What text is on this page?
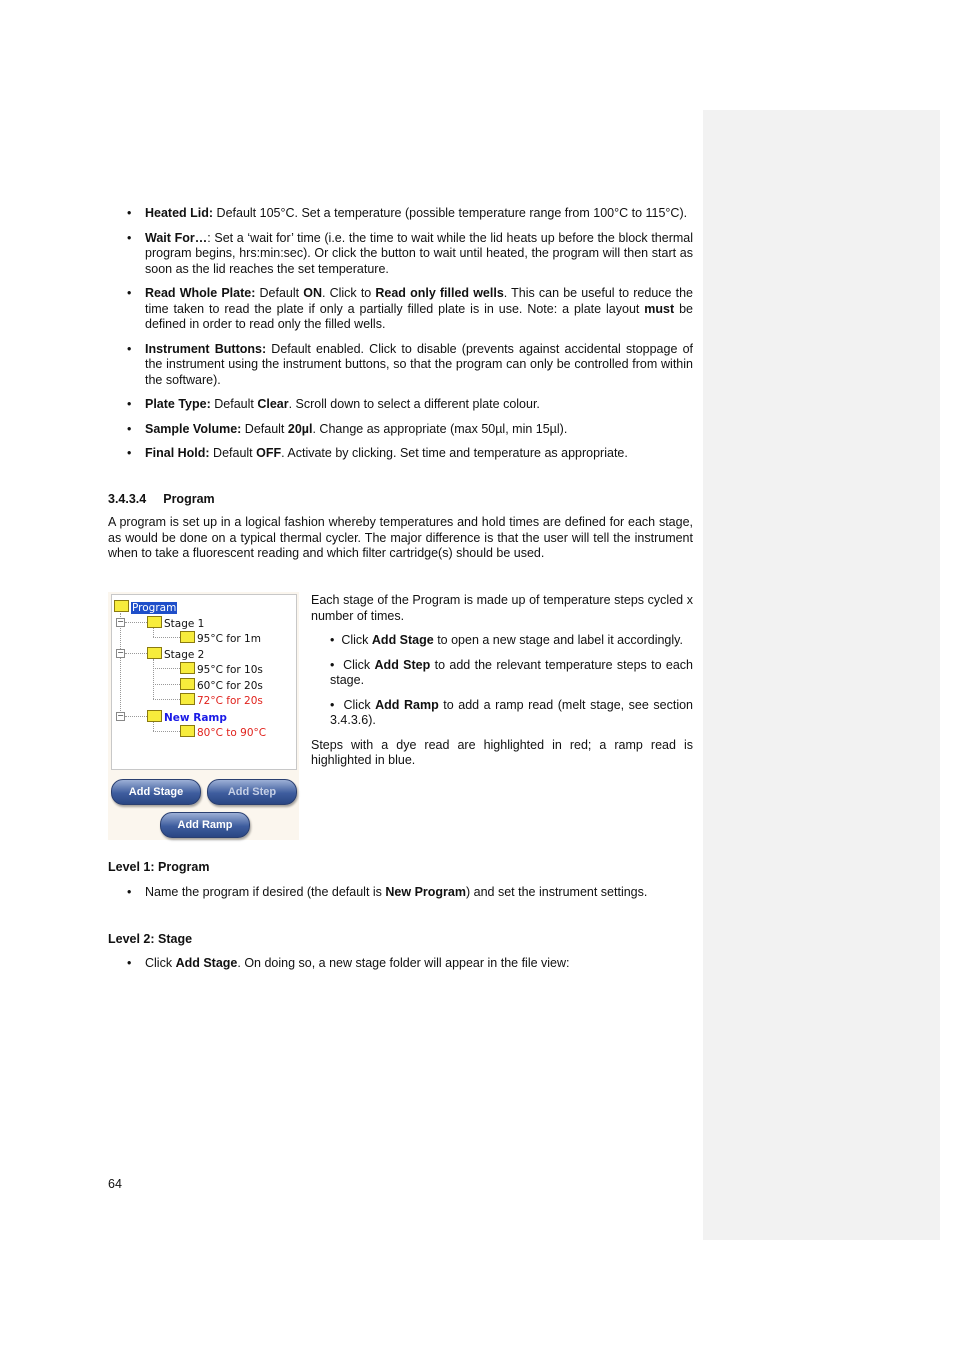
• Heated Lid: Default 105°C. Set a temperature (possible temperature range from 100°C to 115°C).
• Wait For…: Set a ‘wait for’ time (i.e. the time to wait while the lid heats up before the block thermal program begins, hrs:min:sec). Or click the button to wait until heated, the program will then start as soon as the lid reaches the set temperature.
• Read Whole Plate: Default ON. Click to Read only filled wells. This can be useful to reduce the time taken to read the plate if only a partially filled plate is in use. Note: a plate layout must be defined in order to read only the filled wells.
• Instrument Buttons: Default enabled. Click to disable (prevents against accidental stoppage of the instrument using the instrument buttons, so that the program can only be controlled from within the software).
• Plate Type: Default Clear. Scroll down to select a different plate colour.
• Sample Volume: Default 20µl. Change as appropriate (max 50µl, min 15µl).
• Final Hold: Default OFF. Activate by clicking. Set time and temperature as appropriate.
3.4.3.4 Program
A program is set up in a logical fashion whereby temperatures and hold times are defined for each stage, as would be done on a typical thermal cycler. The major difference is that the user will tell the instrument when to take a fluorescent reading and which filter cartridge(s) should be used.
Program
−	Stage 1
95°C for 1m
−	Stage 2
95°C for 10s
60°C for 20s
72°C for 20s
−	New Ramp
80°C to 90°C
Add Stage	Add Step
Add Ramp

Each stage of the Program is made up of temperature steps cycled x number of times.

• Click Add Stage to open a new stage and label it accordingly.
• Click Add Step to add the relevant temperature steps to each stage.
• Click Add Ramp to add a ramp read (melt stage, see section 3.4.3.6).

Steps with a dye read are highlighted in red; a ramp read is highlighted in blue.

Level 1: Program
• Name the program if desired (the default is New Program) and set the instrument settings.
Level 2: Stage
• Click Add Stage. On doing so, a new stage folder will appear in the file view:
64
